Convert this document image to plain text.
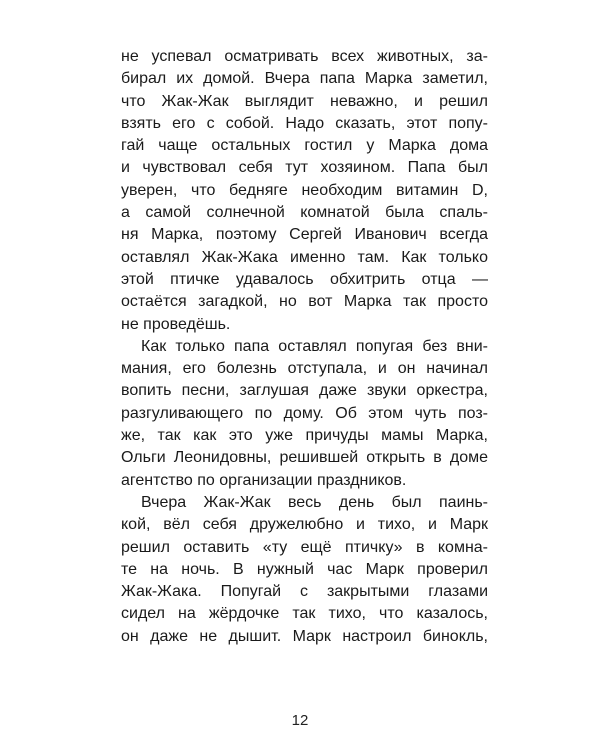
не успевал осматривать всех животных, за-
бирал их домой. Вчера папа Марка заметил,
что Жак-Жак выглядит неважно, и решил
взять его с собой. Надо сказать, этот попу-
гай чаще остальных гостил у Марка дома
и чувствовал себя тут хозяином. Папа был
уверен, что бедняге необходим витамин D,
а самой солнечной комнатой была спаль-
ня Марка, поэтому Сергей Иванович всегда
оставлял Жак-Жака именно там. Как только
этой птичке удавалось обхитрить отца —
остаётся загадкой, но вот Марка так просто
не проведёшь.
Как только папа оставлял попугая без вни-
мания, его болезнь отступала, и он начинал
вопить песни, заглушая даже звуки оркестра,
разгуливающего по дому. Об этом чуть поз-
же, так как это уже причуды мамы Марка,
Ольги Леонидовны, решившей открыть в доме
агентство по организации праздников.
Вчера Жак-Жак весь день был паинь-
кой, вёл себя дружелюбно и тихо, и Марк
решил оставить «ту ещё птичку» в комна-
те на ночь. В нужный час Марк проверил
Жак-Жака. Попугай с закрытыми глазами
сидел на жёрдочке так тихо, что казалось,
он даже не дышит. Марк настроил бинокль,
12
